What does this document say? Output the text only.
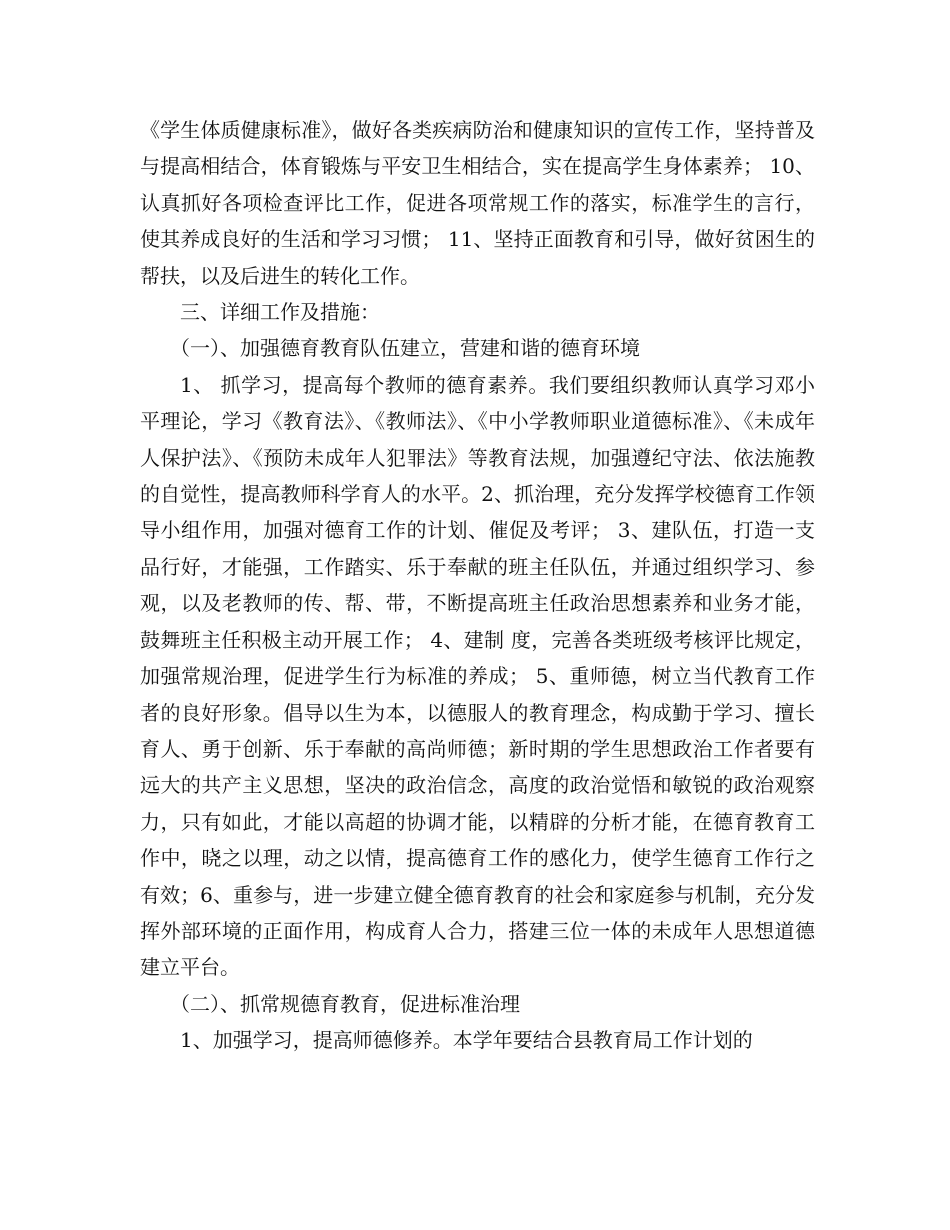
《学生体质健康标准》，做好各类疾病防治和健康知识的宣传工作，坚持普及与提高相结合，体育锻炼与平安卫生相结合，实在提高学生身体素养； 10、认真抓好各项检查评比工作，促进各项常规工作的落实，标准学生的言行，使其养成良好的生活和学习习惯； 11、坚持正面教育和引导，做好贫困生的帮扶，以及后进生的转化工作。

三、详细工作及措施：

（一）、加强德育教育队伍建立，营建和谐的德育环境

1、 抓学习，提高每个教师的德育素养。我们要组织教师认真学习邓小平理论，学习《教育法》、《教师法》、《中小学教师职业道德标准》、《未成年人保护法》、《预防未成年人犯罪法》等教育法规，加强遵纪守法、依法施教的自觉性，提高教师科学育人的水平。2、抓治理，充分发挥学校德育工作领导小组作用，加强对德育工作的计划、催促及考评； 3、建队伍，打造一支品行好，才能强，工作踏实、乐于奉献的班主任队伍，并通过组织学习、参观，以及老教师的传、帮、带，不断提高班主任政治思想素养和业务才能，鼓舞班主任积极主动开展工作； 4、建制 度，完善各类班级考核评比规定，加强常规治理，促进学生行为标准的养成； 5、重师德，树立当代教育工作者的良好形象。倡导以生为本，以德服人的教育理念，构成勤于学习、擅长育人、勇于创新、乐于奉献的高尚师德；新时期的学生思想政治工作者要有远大的共产主义思想，坚决的政治信念，高度的政治觉悟和敏锐的政治观察力，只有如此，才能以高超的协调才能，以精辟的分析才能，在德育教育工作中，晓之以理，动之以情，提高德育工作的感化力，使学生德育工作行之有效；6、重参与，进一步建立健全德育教育的社会和家庭参与机制，充分发挥外部环境的正面作用，构成育人合力，搭建三位一体的未成年人思想道德建立平台。

（二）、抓常规德育教育，促进标准治理

1、加强学习，提高师德修养。本学年要结合县教育局工作计划的
